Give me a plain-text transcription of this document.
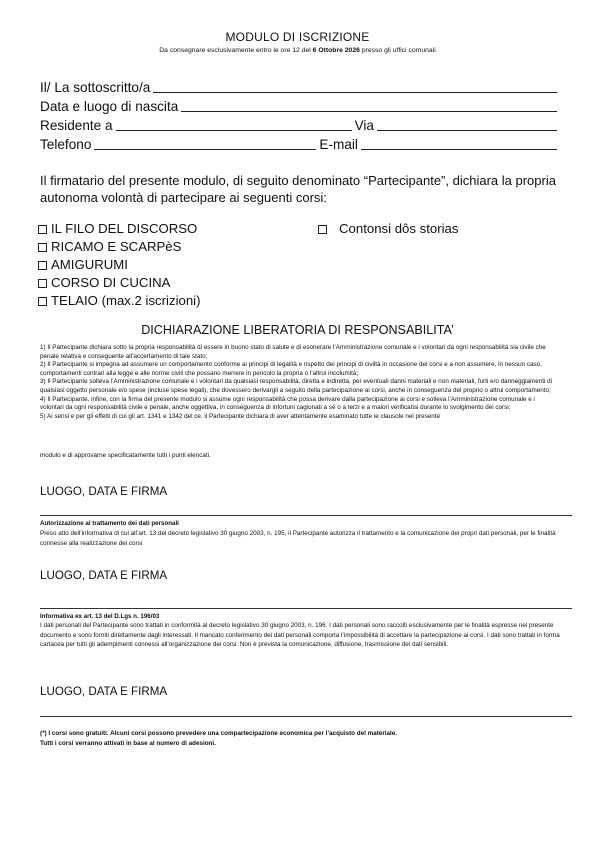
MODULO DI ISCRIZIONE
Da consegnare esclusivamente entro le ore 12 del 6 Ottobre 2026 presso gli uffici comunali
Il/ La sottoscritto/a
Data e luogo di nascita
Residente a	Via
Telefono	E-mail
Il firmatario del presente modulo, di seguito denominato “Partecipante”, dichiara la propria autonoma volontà di partecipare ai seguenti corsi:
IL FILO DEL DISCORSO
RICAMO E SCARPèS
AMIGURUMI
CORSO DI CUCINA
TELAIO (max.2 iscrizioni)
Contonsi dôs storias
DICHIARAZIONE LIBERATORIA DI RESPONSABILITA’

1) Il Partecipante dichiara sotto la propria responsabilità di essere in buono stato di salute e di esonerare l’Amministrazione comunale e i volontari da ogni responsabilità sia civile che penale relativa e conseguente all’accertamento di tale stato;

2) Il Partecipante si impegna ad assumere un comportamento conforme ai principi di legalità e rispetto dei principi di civiltà in occasione dei corsi e a non assumere, in nessun caso, comportamenti contrari alla legge e alle norme civili che possano merrere in pericolo la propria o l’altrui incolumità;

3) Il Partecipante solleva l’Amministrazione comunale e i volontari da qualsiasi responsabilità, diretta e indiretta, per eventuali danni materiali e non materiali, furti e/o danneggiamenti di qualsiasi oggetto personale e/o spese (incluse spese legali), che dovessero derivargli a seguito della partecipazione ai corsi, anche in conseguenza del proprio o altrui comportamento;

4) Il Partecipante, infine, con la firma del presente modulo si assume ogni responsabilità che possa derivare dalla partecipazione ai corsi e solleva l’Amministrazione comunale e i volontari da ogni responsabilità civile e penale, anche oggettiva, in conseguenza di infortuni cagionati a sé o a terzi e a malori verificatisi durante lo svolgimento dei corsi;

5) Ai sensi e per gli effetti di cui gli art. 1341 e 1342 del ce. il Partecipante dichiara di aver attentamente esaminato tutte le clausole nel presente

modulo e di approvarne specificatamente tutti i punti elencati.
LUOGO, DATA E FIRMA
Autorizzazione al trattamento dei dati personali
Preso atto dell’informativa di cui all’art. 13 del decreto legislativo 30 giugno 2003, n. 195, il Partecipante autorizza il trattamento e la comunicazione dei propri dati personali, per le finalità connesse alla realizzazione dei corsi
LUOGO, DATA E FIRMA
Informativa ex art. 13 del D.Lgs n. 196/03
I dati personali del Partecipante sono trattati in conformità al decreto legislativo 30 giugno 2003, n. 196. I dati personali sono raccolti esclusivamente per le finalità espresse nel presente documento e sono forniti direttamente dagli interessati. Il mancato conferimento dei dati personali comporta l’impossibilità di accettare la partecipazione ai corsi. I dati sono trattati in forma cartacea per tutti gli adempimenti connessi all’organizzazione dei corsi. Non è prevista la comunicazione, diffusione, trasmissione dei dati sensibili.
LUOGO, DATA E FIRMA
(*) I corsi sono gratuiti. Alcuni corsi possono prevedere una compartecipazione economica per l’acquisto del materiale.
Tutti i corsi verranno attivati in base al numero di adesioni.
